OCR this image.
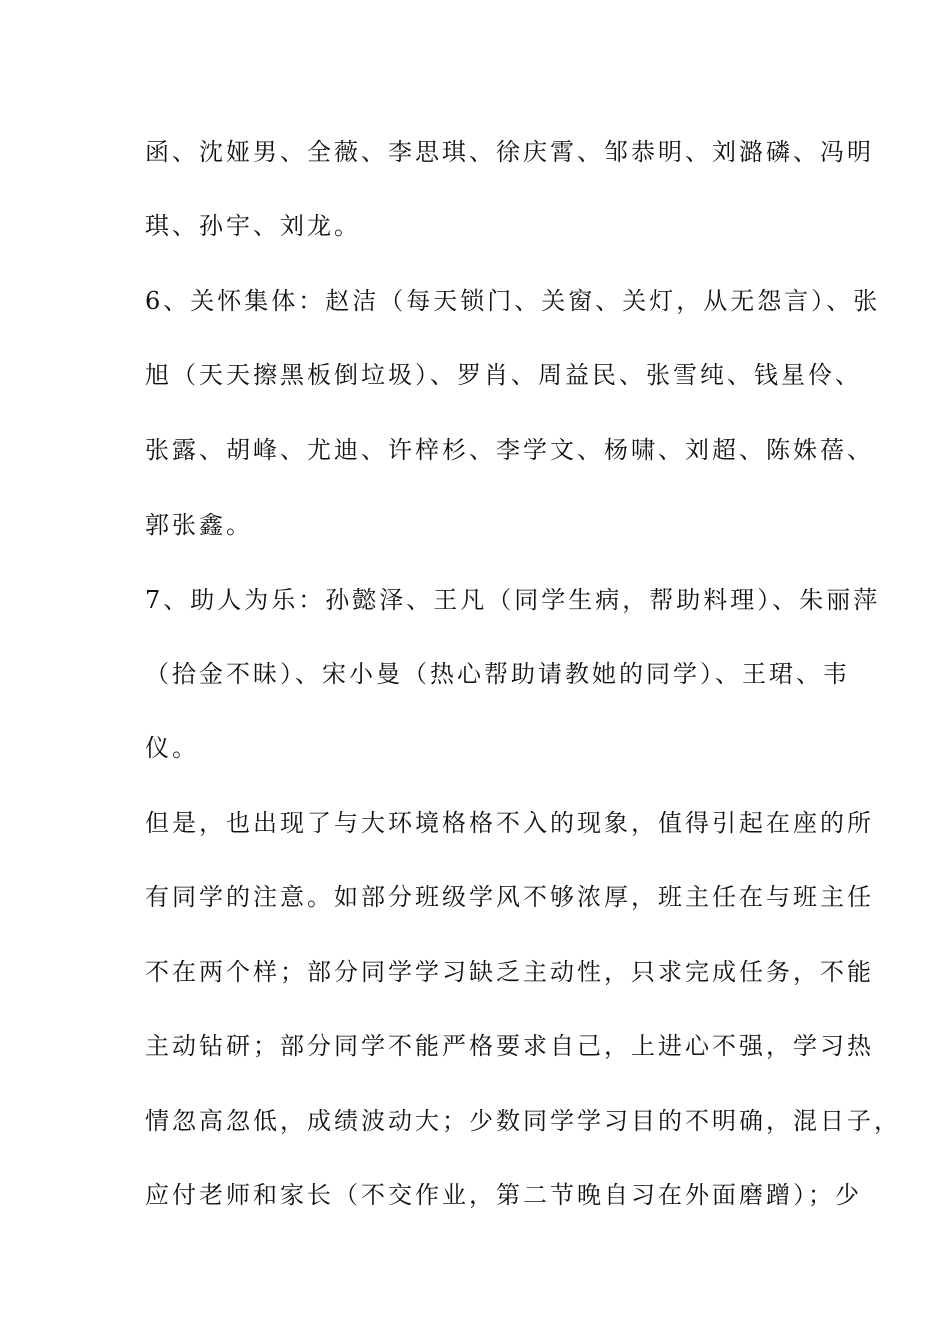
函、沈娅男、全薇、李思琪、徐庆霄、邹恭明、刘潞磷、冯明
琪、孙宇、刘龙。
6、关怀集体：赵洁（每天锁门、关窗、关灯，从无怨言）、张
旭（天天擦黑板倒垃圾）、罗肖、周益民、张雪纯、钱星伶、
张露、胡峰、尤迪、许梓杉、李学文、杨啸、刘超、陈姝蓓、
郭张鑫。
7、助人为乐：孙懿泽、王凡（同学生病，帮助料理）、朱丽萍
（拾金不昧）、宋小曼（热心帮助请教她的同学）、王珺、韦
仪。
但是，也出现了与大环境格格不入的现象，值得引起在座的所
有同学的注意。如部分班级学风不够浓厚，班主任在与班主任
不在两个样；部分同学学习缺乏主动性，只求完成任务，不能
主动钻研；部分同学不能严格要求自己，上进心不强，学习热
情忽高忽低，成绩波动大；少数同学学习目的不明确，混日子，
应付老师和家长（不交作业，第二节晚自习在外面磨蹭）；少
